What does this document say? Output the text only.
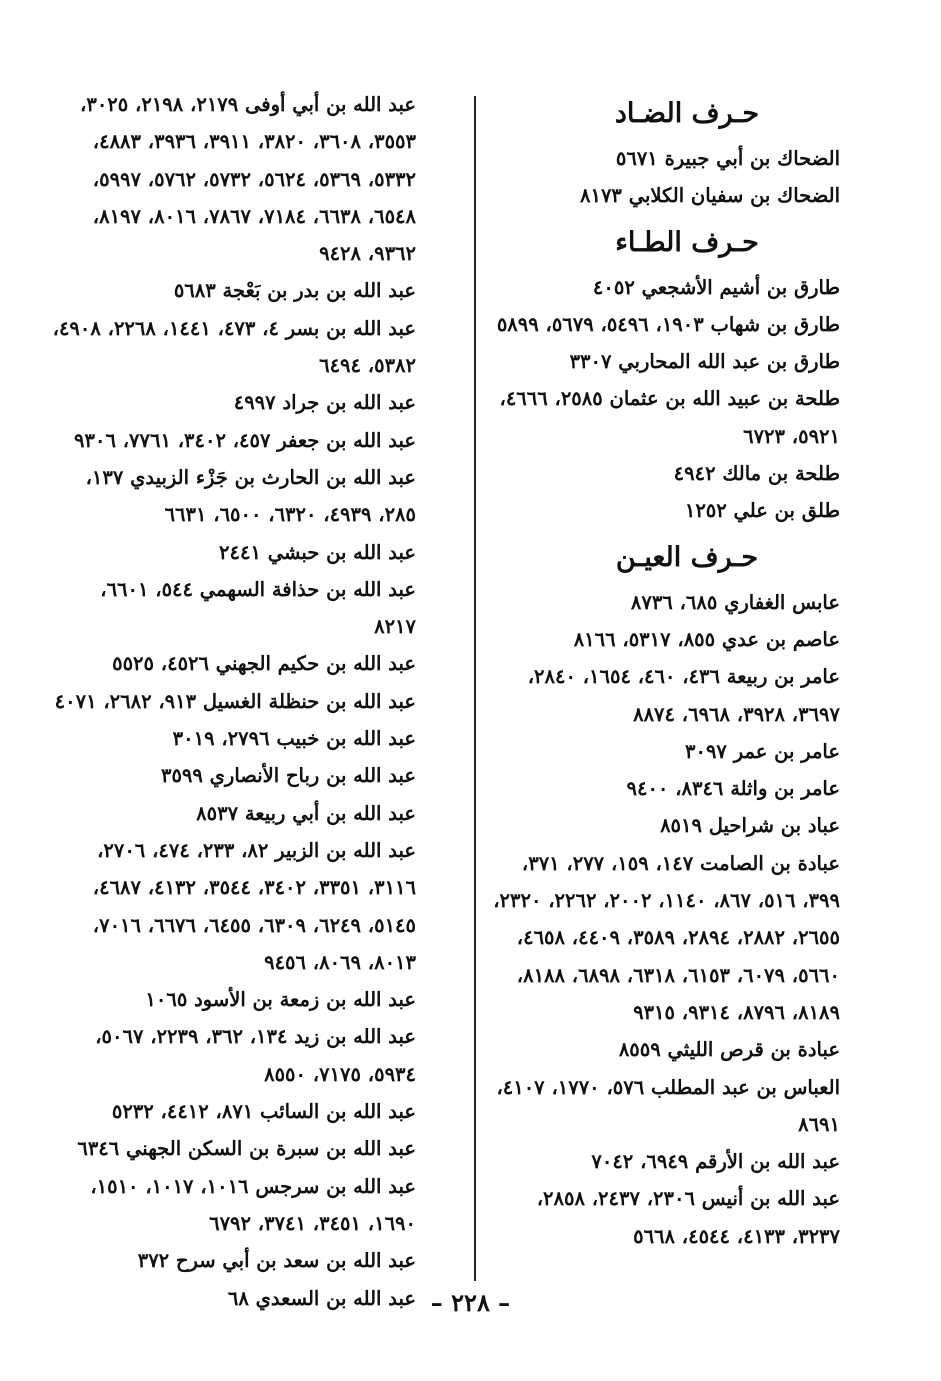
حـرف الضـاد
الضحاك بن أبي جبيرة ٥٦٧١
الضحاك بن سفيان الكلابي ٨١٧٣
حـرف الطـاء
طارق بن أشيم الأشجعي ٤٠٥٢
طارق بن شهاب ١٩٠٣، ٥٤٩٦، ٥٦٧٩، ٥٨٩٩
طارق بن عبد الله المحاربي ٣٣٠٧
طلحة بن عبيد الله بن عثمان ٢٥٨٥، ٤٦٦٦، ٥٩٢١، ٦٧٢٣
طلحة بن مالك ٤٩٤٢
طلق بن علي ١٢٥٢
حـرف العيـن
عابس الغفاري ٦٨٥، ٨٧٣٦
عاصم بن عدي ٨٥٥، ٥٣١٧، ٨١٦٦
عامر بن ربيعة ٤٣٦، ٤٦٠، ١٦٥٤، ٢٨٤٠، ٣٦٩٧، ٣٩٢٨، ٦٩٦٨، ٨٨٧٤
عامر بن عمر ٣٠٩٧
عامر بن واثلة ٨٣٤٦، ٩٤٠٠
عباد بن شراحيل ٨٥١٩
عبادة بن الصامت ١٤٧، ١٥٩، ٢٧٧، ٣٧١، ٣٩٩، ٥١٦، ٨٦٧، ١١٤٠، ٢٠٠٢، ٢٢٦٢، ٢٣٢٠، ٢٦٥٥، ٢٨٨٢، ٢٨٩٤، ٣٥٨٩، ٤٤٠٩، ٤٦٥٨، ٥٦٦٠، ٦٠٧٩، ٦١٥٣، ٦٣١٨، ٦٨٩٨، ٨١٨٨، ٨١٨٩، ٨٧٩٦، ٩٣١٤، ٩٣١٥
عبادة بن قرص الليثي ٨٥٥٩
العباس بن عبد المطلب ٥٧٦، ١٧٧٠، ٤١٠٧، ٨٦٩١
عبد الله بن الأرقم ٦٩٤٩، ٧٠٤٢
عبد الله بن أنيس ٢٣٠٦، ٢٤٣٧، ٢٨٥٨، ٣٢٣٧، ٤١٣٣، ٤٥٤٤، ٥٦٦٨
عبد الله بن أبي أوفى ٢١٧٩، ٢١٩٨، ٣٠٢٥، ٣٥٥٣، ٣٦٠٨، ٣٨٢٠، ٣٩١١، ٣٩٣٦، ٤٨٨٣، ٥٣٣٢، ٥٣٦٩، ٥٦٢٤، ٥٧٣٢، ٥٧٦٢، ٥٩٩٧، ٦٥٤٨، ٦٦٣٨، ٧١٨٤، ٧٨٦٧، ٨٠١٦، ٨١٩٧، ٩٣٦٢، ٩٤٢٨
عبد الله بن بدر بن بَعْجة ٥٦٨٣
عبد الله بن بسر ٤، ٤٧٣، ١٤٤١، ٢٢٦٨، ٤٩٠٨، ٥٣٨٢، ٦٤٩٤
عبد الله بن جراد ٤٩٩٧
عبد الله بن جعفر ٤٥٧، ٣٤٠٢، ٧٧٦١، ٩٣٠٦
عبد الله بن الحارث بن جَزْء الزبيدي ١٣٧، ٢٨٥، ٤٩٣٩، ٦٣٢٠، ٦٥٠٠، ٦٦٣١
عبد الله بن حبشي ٢٤٤١
عبد الله بن حذافة السهمي ٥٤٤، ٦٦٠١، ٨٢١٧
عبد الله بن حكيم الجهني ٤٥٢٦، ٥٥٢٥
عبد الله بن حنظلة الغسيل ٩١٣، ٢٦٨٢، ٤٠٧١
عبد الله بن خبيب ٢٧٩٦، ٣٠١٩
عبد الله بن رباح الأنصاري ٣٥٩٩
عبد الله بن أبي ربيعة ٨٥٣٧
عبد الله بن الزبير ٨٢، ٢٣٣، ٤٧٤، ٢٧٠٦، ٣١١٦، ٣٣٥١، ٣٤٠٢، ٣٥٤٤، ٤١٣٢، ٤٦٨٧، ٥١٤٥، ٦٢٤٩، ٦٣٠٩، ٦٤٥٥، ٦٦٧٦، ٧٠١٦، ٨٠١٣، ٨٠٦٩، ٩٤٥٦
عبد الله بن زمعة بن الأسود ١٠٦٥
عبد الله بن زيد ١٣٤، ٣٦٢، ٢٢٣٩، ٥٠٦٧، ٥٩٣٤، ٧١٧٥، ٨٥٥٠
عبد الله بن السائب ٨٧١، ٤٤١٢، ٥٢٣٢
عبد الله بن سبرة بن السكن الجهني ٦٣٤٦
عبد الله بن سرجس ١٠١٦، ١٠١٧، ١٥١٠، ١٦٩٠، ٣٤٥١، ٣٧٤١، ٦٧٩٢
عبد الله بن سعد بن أبي سرح ٣٧٢
عبد الله بن السعدي ٦٨ – ٢٢٨ –
